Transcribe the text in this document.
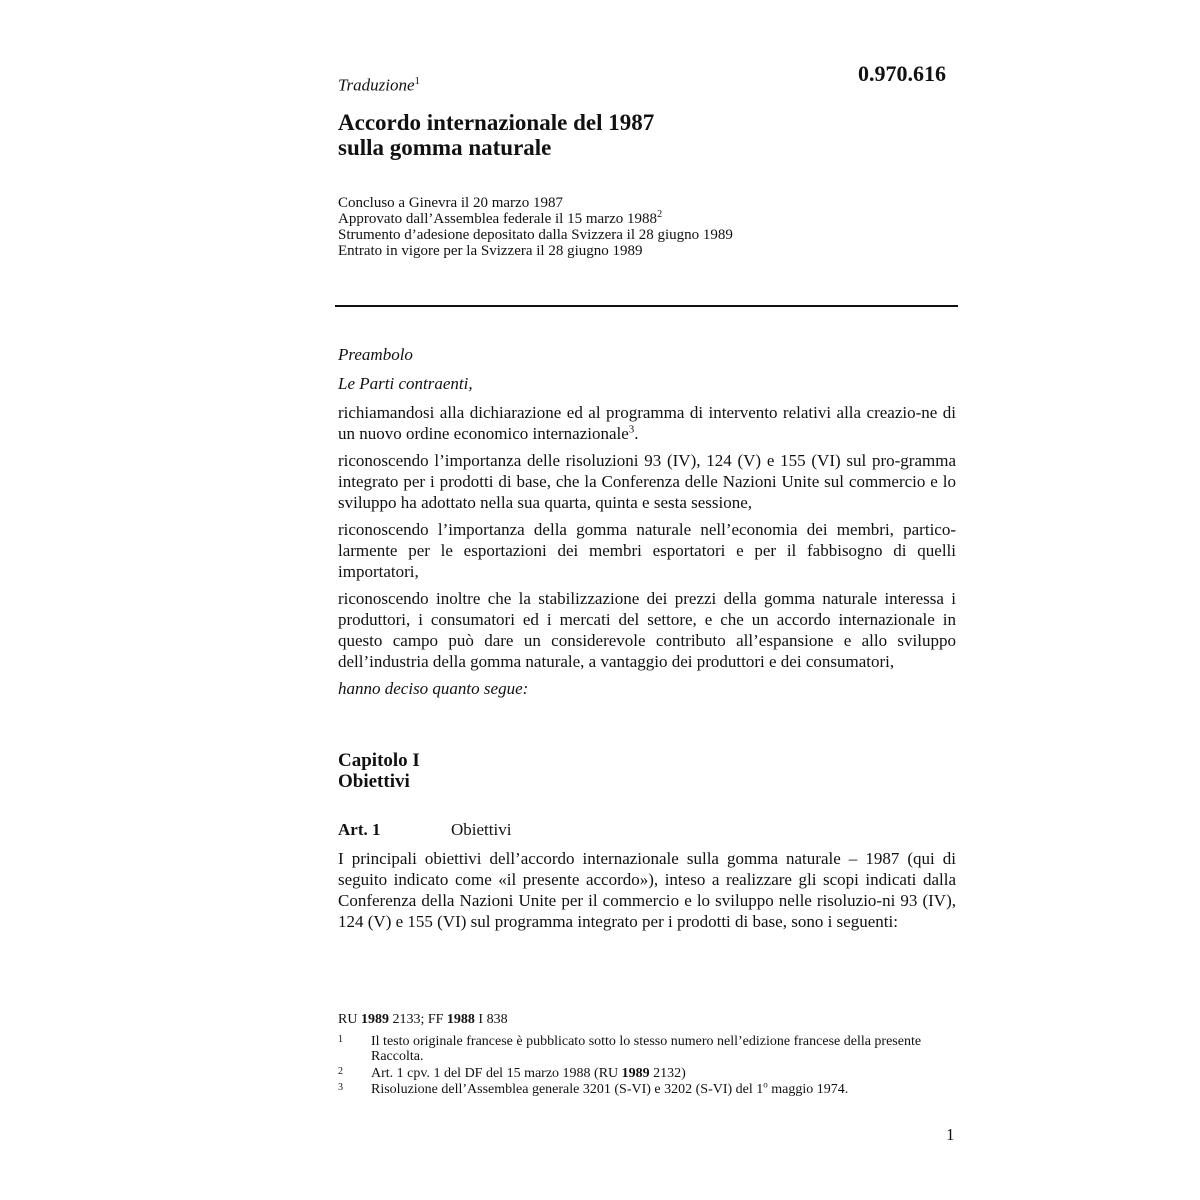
Traduzione$^1$	0.970.616
Accordo internazionale del 1987
sulla gomma naturale
Concluso a Ginevra il 20 marzo 1987
Approvato dall’Assemblea federale il 15 marzo 1988$^2$
Strumento d’adesione depositato dalla Svizzera il 28 giugno 1989
Entrato in vigore per la Svizzera il 28 giugno 1989
Preambolo
Le Parti contraenti,
richiamandosi alla dichiarazione ed al programma di intervento relativi alla creazio-ne di un nuovo ordine economico internazionale$^3$.
riconoscendo l’importanza delle risoluzioni 93 (IV), 124 (V) e 155 (VI) sul pro-gramma integrato per i prodotti di base, che la Conferenza delle Nazioni Unite sul commercio e lo sviluppo ha adottato nella sua quarta, quinta e sesta sessione,
riconoscendo l’importanza della gomma naturale nell’economia dei membri, partico-larmente per le esportazioni dei membri esportatori e per il fabbisogno di quelli importatori,
riconoscendo inoltre che la stabilizzazione dei prezzi della gomma naturale interessa i produttori, i consumatori ed i mercati del settore, e che un accordo internazionale in questo campo può dare un considerevole contributo all’espansione e allo sviluppo dell’industria della gomma naturale, a vantaggio dei produttori e dei consumatori,
hanno deciso quanto segue:
Capitolo I
Obiettivi
Art. 1	Obiettivi
I principali obiettivi dell’accordo internazionale sulla gomma naturale – 1987 (qui di seguito indicato come «il presente accordo»), inteso a realizzare gli scopi indicati dalla Conferenza della Nazioni Unite per il commercio e lo sviluppo nelle risoluzio-ni 93 (IV), 124 (V) e 155 (VI) sul programma integrato per i prodotti di base, sono i seguenti:
RU 1989 2133; FF 1988 I 838
1 Il testo originale francese è pubblicato sotto lo stesso numero nell’edizione francese della presente Raccolta.
2 Art. 1 cpv. 1 del DF del 15 marzo 1988 (RU 1989 2132)
3 Risoluzione dell’Assemblea generale 3201 (S-VI) e 3202 (S-VI) del 1$^o$ maggio 1974.
1
